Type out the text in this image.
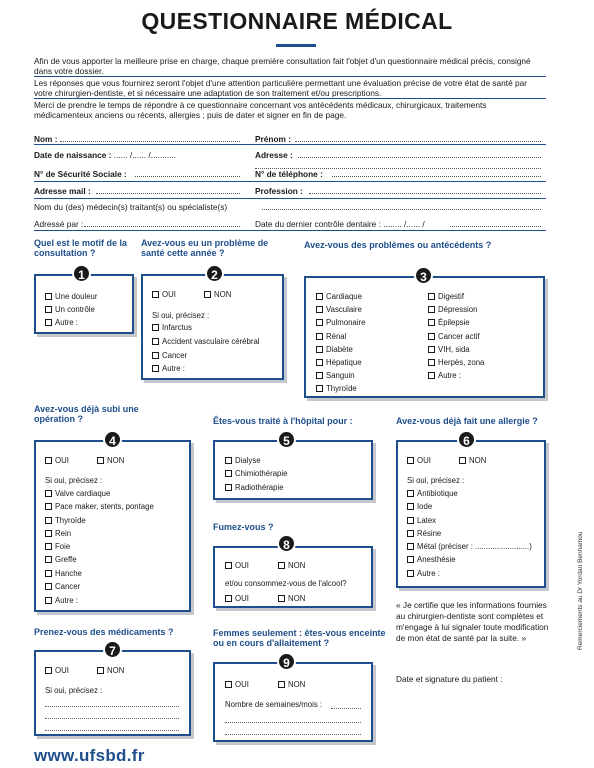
QUESTIONNAIRE MÉDICAL

Afin de vous apporter la meilleure prise en charge, chaque première consultation fait l'objet d'un questionnaire médical précis, consigné dans votre dossier.

Les réponses que vous fournirez seront l'objet d'une attention particulière permettant une évaluation précise de votre état de santé par votre chirurgien-dentiste, et si nécessaire une adaptation de son traitement et/ou prescriptions.

Merci de prendre le temps de répondre à ce questionnaire concernant vos antécédents médicaux, chirurgicaux, traitements médicamenteux anciens ou récents, allergies ; puis de dater et signer en fin de page.

Nom :	Prénom :
Date de naissance : ...... /...... /...........	Adresse :
N° de Sécurité Sociale :	N° de téléphone :
Adresse mail :	Profession :
Nom du (des) médecin(s) traitant(s) ou spécialiste(s)
Adressé par :	Date du dernier contrôle dentaire : ........ /...... /
Quel est le motif de la consultation ?
1
Une douleur
Un contrôle
Autre :
Avez-vous eu un problème de santé cette année ?
2
OUI	NON
Si oui, précisez :
Infarctus
Accident vasculaire cérébral
Cancer
Autre :
Avez-vous des problèmes ou antécédents ?
3
Cardiaque
Vasculaire
Pulmonaire
Rénal
Diabète
Hépatique
Sanguin
Thyroïde
Digestif
Dépression
Épilepsie
Cancer actif
VIH, sida
Herpès, zona
Autre :
Avez-vous déjà subi une opération ?
4
OUI	NON
Si oui, précisez :
Valve cardiaque
Pace maker, stents, pontage
Thyroïde
Rein
Foie
Greffe
Hanche
Cancer
Autre :
Êtes-vous traité à l'hôpital pour :
5
Dialyse
Chimiothérapie
Radiothérapie
Avez-vous déjà fait une allergie ?
6
OUI	NON
Si oui, précisez :
Antibiotique
Iode
Latex
Résine
Métal (préciser : .........................)
Anesthésie
Autre :
Fumez-vous ?
8
OUI	NON
et/ou consommez-vous de l'alcool?
OUI	NON
Prenez-vous des médicaments ?
7
OUI	NON
Si oui, précisez :
Femmes seulement : êtes-vous enceinte ou en cours d'allaitement ?
9
OUI	NON
Nombre de semaines/mois :
« Je certifie que les informations fournies au chirurgien-dentiste sont complètes et m'engage à lui signaler toute modification de mon état de santé par la suite. »
Date et signature du patient :
Remerciements au Dr Yordan Benhamou
www.ufsbd.fr
